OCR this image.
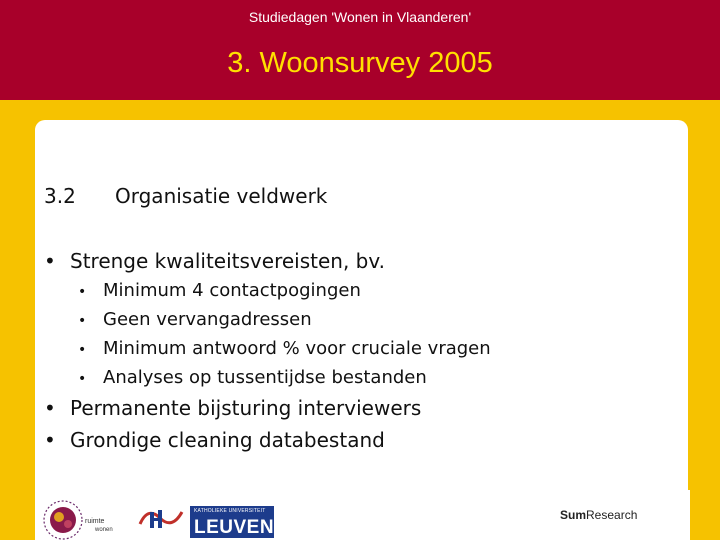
Studiedagen 'Wonen in Vlaanderen'
3. Woonsurvey 2005
3.2 Organisatie veldwerk
• Strenge kwaliteitsvereisten, bv.
• Minimum 4 contactpogingen
• Geen vervangadressen
• Minimum antwoord % voor cruciale vragen
• Analyses op tussentijdse bestanden
• Permanente bijsturing interviewers
• Grondige cleaning databestand
ruimte
wonen
KATHOLIEKE UNIVERSITEIT
LEUVEN
SumResearch
